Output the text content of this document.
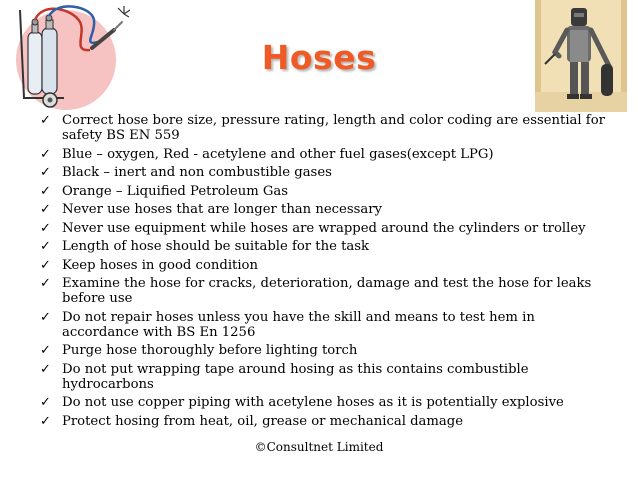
Hoses
✓ Correct hose bore size, pressure rating, length and color coding are essential for safety BS EN 559
✓ Blue – oxygen, Red - acetylene and other fuel gases(except LPG)
✓ Black – inert and non combustible gases
✓ Orange – Liquified Petroleum Gas
✓ Never use hoses that are longer than necessary
✓ Never use equipment while hoses are wrapped around the cylinders or trolley
✓ Length of hose should be suitable for the task
✓ Keep hoses in good condition
✓ Examine the hose for cracks, deterioration, damage and test the hose for leaks before use
✓ Do not repair hoses unless you have the skill and means to test hem in accordance with BS En 1256
✓ Purge hose thoroughly before lighting torch
✓ Do not put wrapping tape around hosing as this contains combustible hydrocarbons
✓ Do not use copper piping with acetylene hoses as it is potentially explosive
✓ Protect hosing from heat, oil, grease or mechanical damage
©Consultnet Limited
